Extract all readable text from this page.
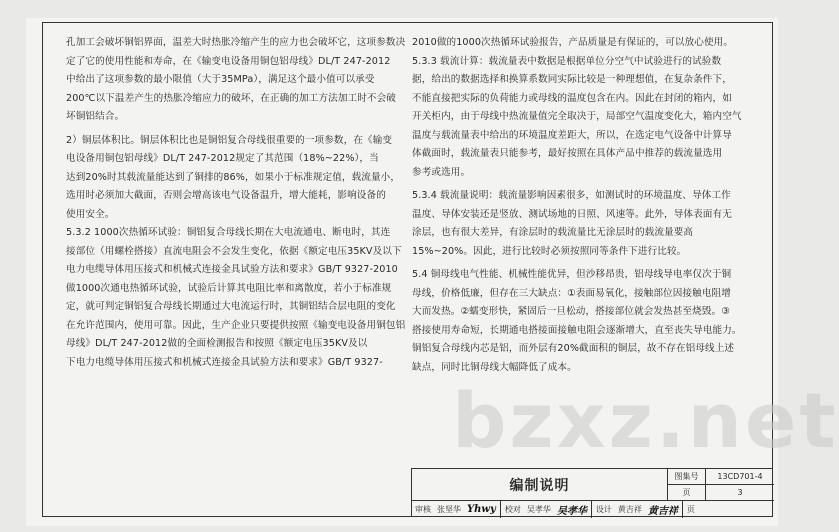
孔加工会破坏铜铝界面，温差大时热胀冷缩产生的应力也会破坏它，这项参数决

定了它的使用性能和寿命，在《输变电设备用铜包铝母线》DL/T 247-2012

中给出了这项参数的最小限值（大于35MPa），满足这个最小值可以承受

200℃以下温差产生的热胀冷缩应力的破坏，在正确的加工方法加工时不会破

坏铜铝结合。

2）铜层体积比。铜层体积比也是铜铝复合母线很重要的一项参数，在《输变

电设备用铜包铝母线》DL/T 247-2012规定了其范围（18%~22%），当

达到20%时其载流量能达到了铜排的86%，如果小于标准规定值，载流量小，

选用时必须加大截面，否则会增高该电气设备温升，增大能耗，影响设备的

使用安全。

5.3.2 1000次热循环试验：铜铝复合母线长期在大电流通电、断电时，其连

接部位（用螺栓搭接）直流电阻会不会发生变化，依据《额定电压35KV及以下

电力电缆导体用压接式和机械式连接金具试验方法和要求》GB/T 9327-2010

做1000次通电热循环试验，试验后计算其电阻比率和离散度，若小于标准规

定，就可判定铜铝复合母线长期通过大电流运行时，其铜铝结合层电阻的变化

在允许范围内，使用可靠。因此，生产企业只要提供按照《输变电设备用铜包铝

母线》DL/T 247-2012做的全面检测报告和按照《额定电压35KV及以

下电力电缆导体用压接式和机械式连接金具试验方法和要求》GB/T 9327-

2010做的1000次热循环试验报告，产品质量是有保证的，可以放心使用。

5.3.3 载流计算：载流量表中数据是根据单位分空气中试验进行的试验数

据，给出的数据选择和换算系数同实际比较是一种理想值，在复杂条件下，

不能直接把实际的负荷能力或母线的温度包含在内。因此在封闭的箱内，如

开关柜内，由于母线中热流量值完全取决于，局部空气温度变化大，箱内空气

温度与载流量表中给出的环境温度差距大，所以，在选定电气设备中计算导

体截面时，载流量表只能参考，最好按照在具体产品中推荐的载流量选用

参考或选用。

5.3.4 载流量说明：载流量影响因素很多，如测试时的环境温度、导体工作

温度、导体安装还是竖放、测试场地的日照、风速等。此外，导体表面有无

涂层，也有很大差异，有涂层时的载流量比无涂层时的载流量要高

15%~20%。因此，进行比较时必须按照同等条件下进行比较。

5.4 铜母线电气性能、机械性能优异，但沙移昂贵，铝母线导电率仅次于铜

母线，价格低廉，但存在三大缺点：①表面易氧化，接触部位因接触电阻增

大而发热。②蠕变形快，紧固后一旦松动，搭接部位就会发热甚至烧毁。③

搭接使用寿命短，长期通电搭接面接触电阻会逐渐增大，直至丧失导电能力。

铜铝复合母线内芯是铝，而外层有20%截面积的铜层，故不存在铝母线上述

缺点，同时比铜母线大幅降低了成本。

bzxz.net
编制说明
图集号	13CD701-4
页	3
审核 张坚华 Yhwy	校对 吴孝华 吴孝华	设计 黄吉祥 黄吉祥	页
